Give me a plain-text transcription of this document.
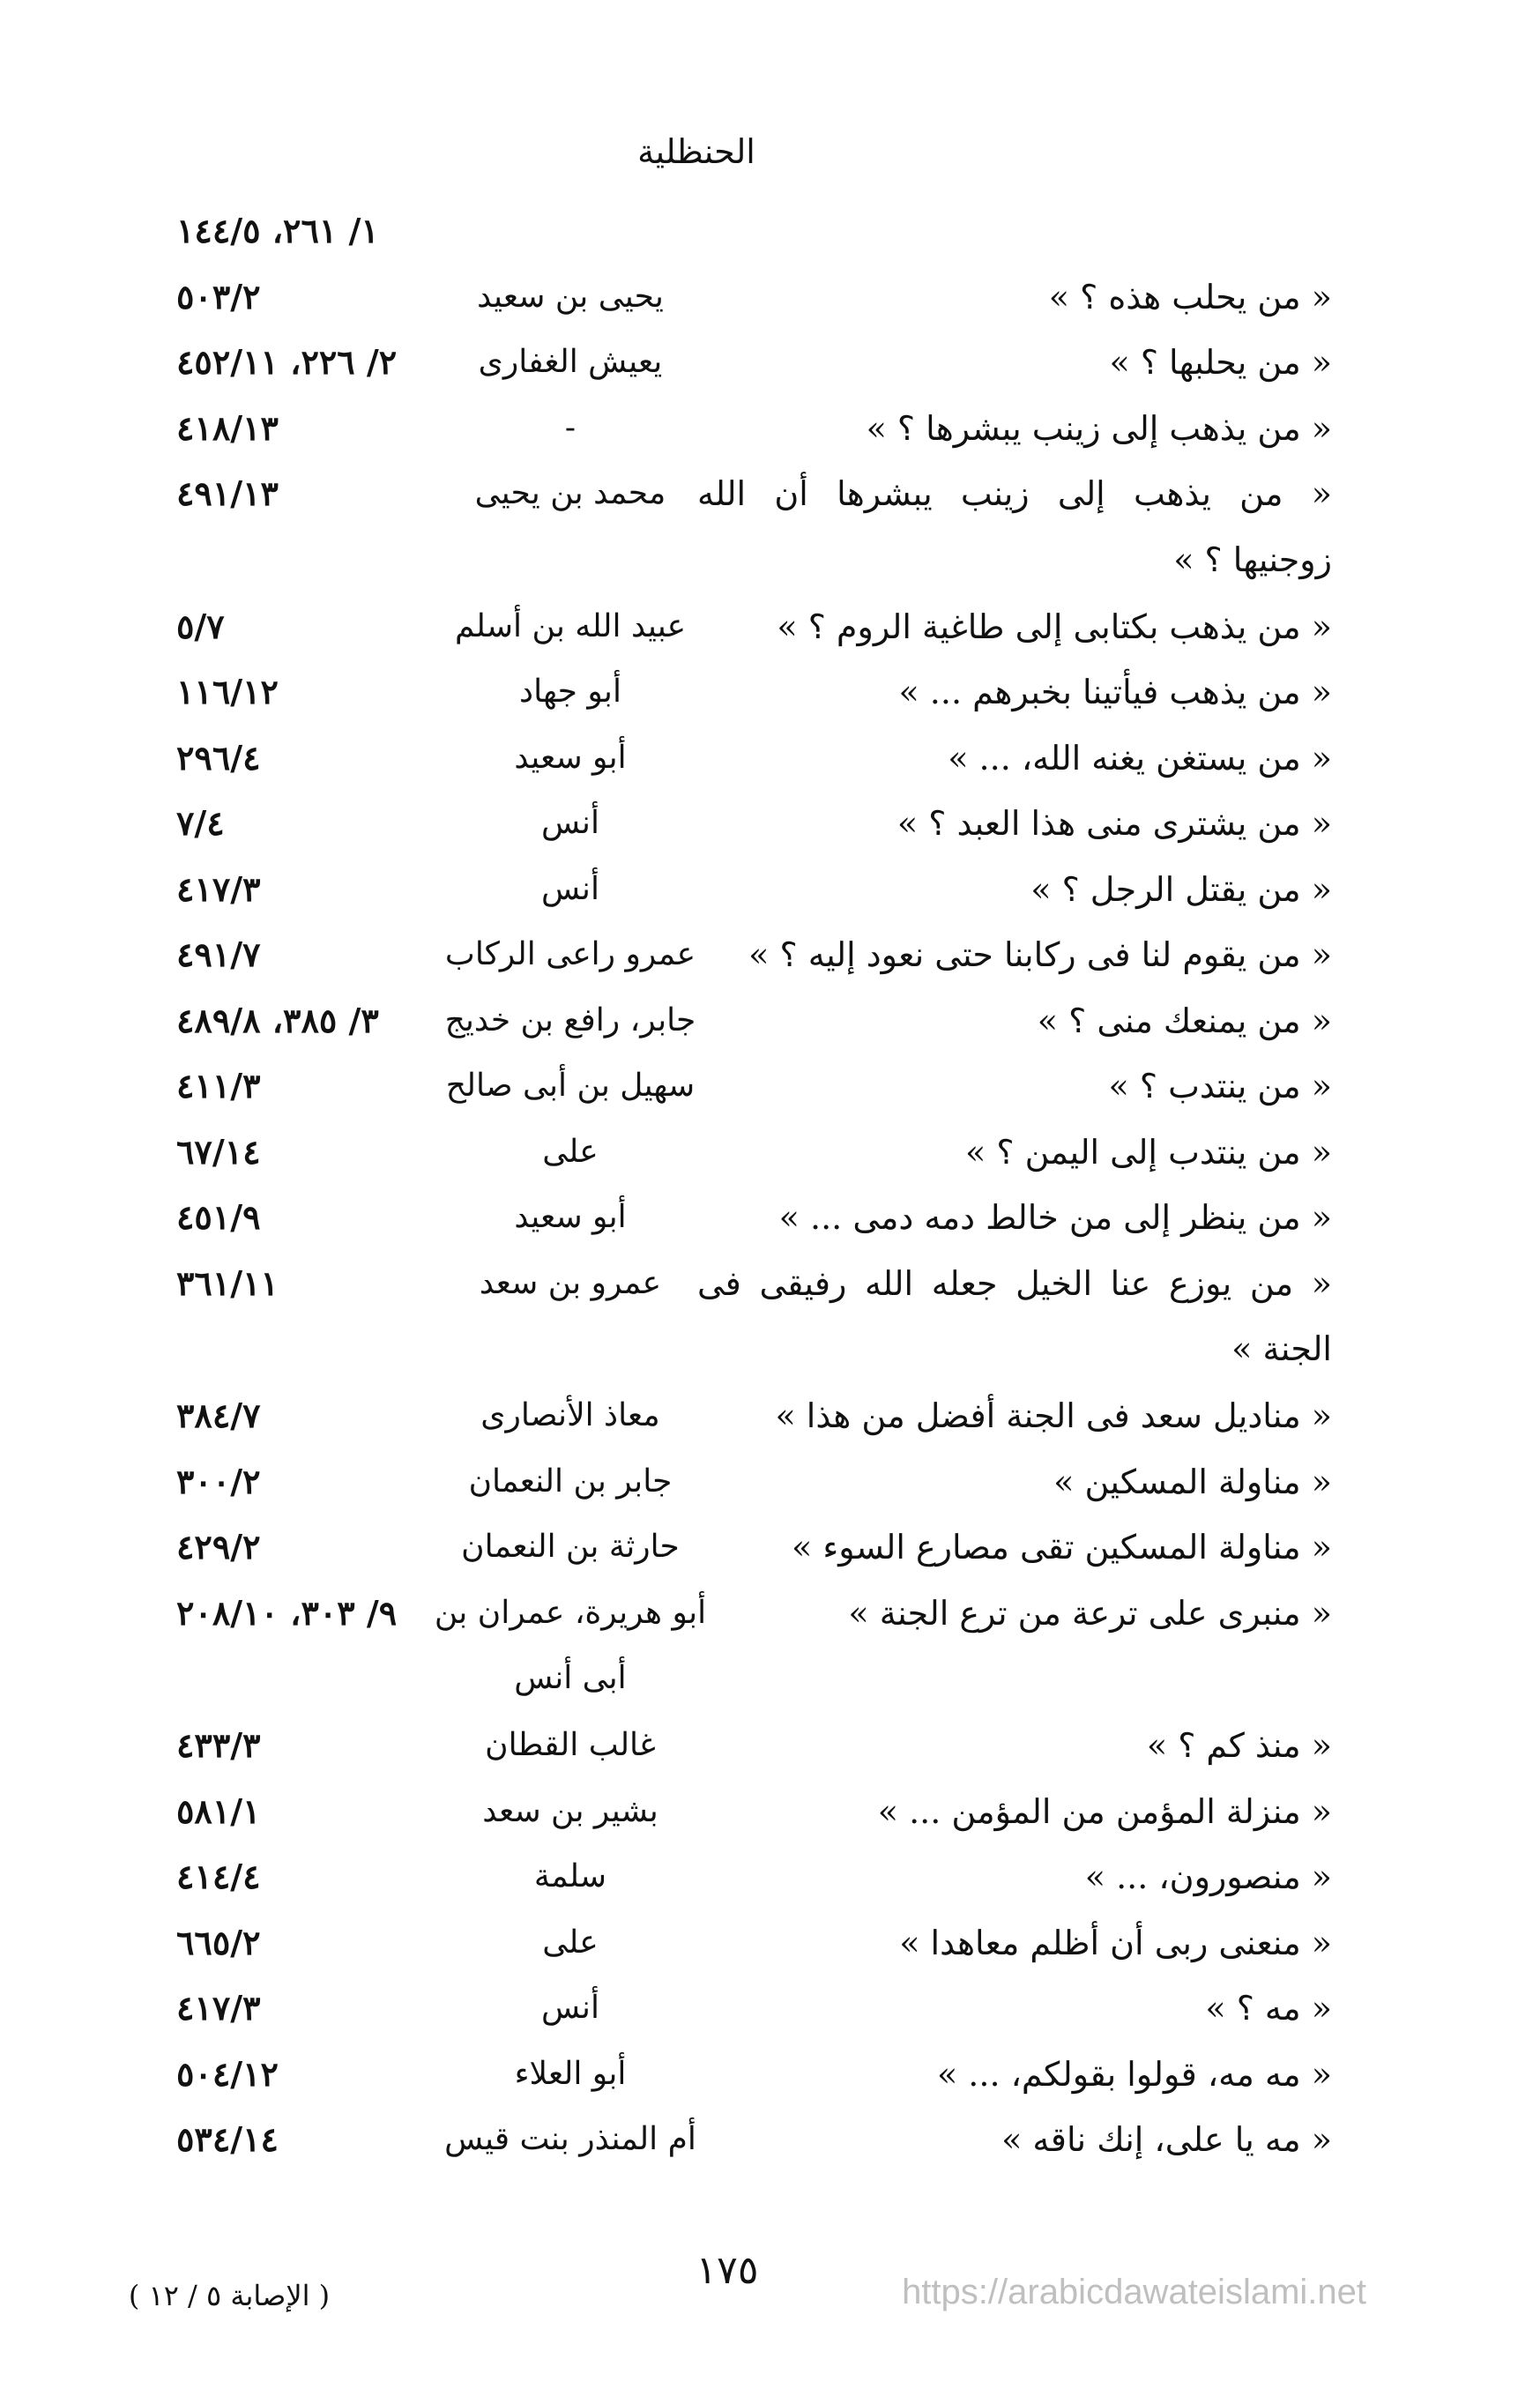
الحنظلية
١/ ٢٦١، ١٤٤/٥
« من يحلب هذه ؟ »
يحيى بن سعيد
٥٠٣/٢
« من يحلبها ؟ »
يعيش الغفارى
٢/ ٢٢٦، ٤٥٢/١١
« من يذهب إلى زينب يبشرها ؟ »
-
٤١٨/١٣
« من يذهب إلى زينب يبشرها أن الله
محمد بن يحيى
٤٩١/١٣
زوجنيها ؟ »
« من يذهب بكتابى إلى طاغية الروم ؟ »
عبيد الله بن أسلم
٥/٧
« من يذهب فيأتينا بخبرهم ... »
أبو جهاد
١١٦/١٢
« من يستغن يغنه الله، ... »
أبو سعيد
٢٩٦/٤
« من يشترى منى هذا العبد ؟ »
أنس
٧/٤
« من يقتل الرجل ؟ »
أنس
٤١٧/٣
« من يقوم لنا فى ركابنا حتى نعود إليه ؟ »
عمرو راعى الركاب
٤٩١/٧
« من يمنعك منى ؟ »
جابر، رافع بن خديج
٣/ ٣٨٥، ٤٨٩/٨
« من ينتدب ؟ »
سهيل بن أبى صالح
٤١١/٣
« من ينتدب إلى اليمن ؟ »
على
٦٧/١٤
« من ينظر إلى من خالط دمه دمى ... »
أبو سعيد
٤٥١/٩
« من يوزع عنا الخيل جعله الله رفيقى فى
عمرو بن سعد
٣٦١/١١
الجنة »
« مناديل سعد فى الجنة أفضل من هذا »
معاذ الأنصارى
٣٨٤/٧
« مناولة المسكين »
جابر بن النعمان
٣٠٠/٢
« مناولة المسكين تقى مصارع السوء »
حارثة بن النعمان
٤٢٩/٢
« منبرى على ترعة من ترع الجنة »
أبو هريرة، عمران بن
٩/ ٣٠٣، ٢٠٨/١٠
أبى أنس
« منذ كم ؟ »
غالب القطان
٤٣٣/٣
« منزلة المؤمن من المؤمن ... »
بشير بن سعد
٥٨١/١
« منصورون، ... »
سلمة
٤١٤/٤
« منعنى ربى أن أظلم معاهدا »
على
٦٦٥/٢
« مه ؟ »
أنس
٤١٧/٣
« مه مه، قولوا بقولكم، ... »
أبو العلاء
٥٠٤/١٢
« مه يا على، إنك ناقه »
أم المنذر بنت قيس
٥٣٤/١٤
١٧٥
( الإصابة ٥ / ١٢ )	https://arabicdawateislami.net
